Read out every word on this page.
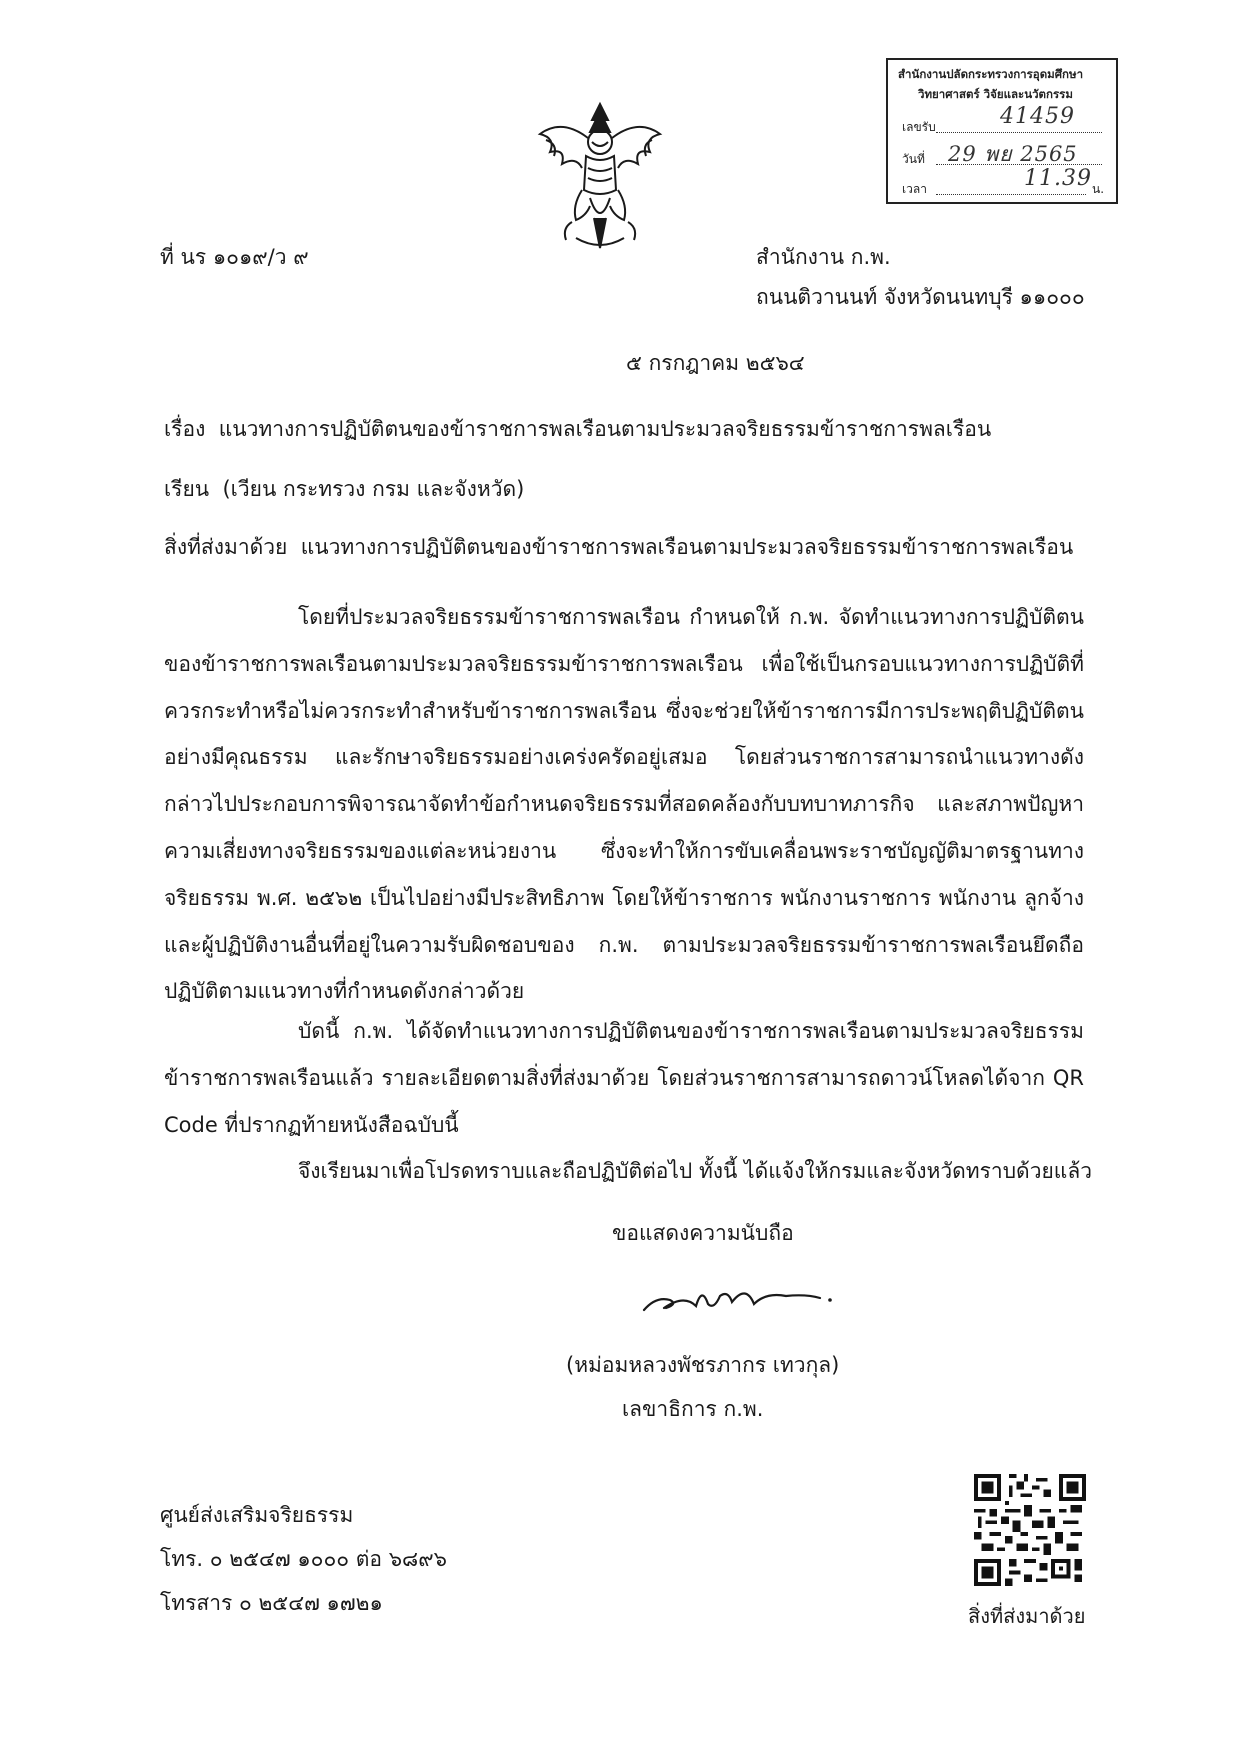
สำนักงานปลัดกระทรวงการอุดมศึกษา
วิทยาศาสตร์ วิจัยและนวัตกรรม
เลขรับ	41459
วันที่ 29 พย 2565
เวลา	11.39 น.
ที่ นร ๑๐๑๙/ว ๙	สำนักงาน ก.พ.
ถนนติวานนท์ จังหวัดนนทบุรี ๑๑๐๐๐
๕ กรกฎาคม ๒๕๖๔
เรื่อง แนวทางการปฏิบัติตนของข้าราชการพลเรือนตามประมวลจริยธรรมข้าราชการพลเรือน
เรียน (เวียน กระทรวง กรม และจังหวัด)
สิ่งที่ส่งมาด้วย แนวทางการปฏิบัติตนของข้าราชการพลเรือนตามประมวลจริยธรรมข้าราชการพลเรือน
โดยที่ประมวลจริยธรรมข้าราชการพลเรือน กำหนดให้ ก.พ. จัดทำแนวทางการปฏิบัติตนของข้าราชการพลเรือนตามประมวลจริยธรรมข้าราชการพลเรือน เพื่อใช้เป็นกรอบแนวทางการปฏิบัติที่ควรกระทำหรือไม่ควรกระทำสำหรับข้าราชการพลเรือน ซึ่งจะช่วยให้ข้าราชการมีการประพฤติปฏิบัติตนอย่างมีคุณธรรม และรักษาจริยธรรมอย่างเคร่งครัดอยู่เสมอ โดยส่วนราชการสามารถนำแนวทางดังกล่าวไปประกอบการพิจารณาจัดทำข้อกำหนดจริยธรรมที่สอดคล้องกับบทบาทภารกิจ และสภาพปัญหาความเสี่ยงทางจริยธรรมของแต่ละหน่วยงาน ซึ่งจะทำให้การขับเคลื่อนพระราชบัญญัติมาตรฐานทางจริยธรรม พ.ศ. ๒๕๖๒ เป็นไปอย่างมีประสิทธิภาพ โดยให้ข้าราชการ พนักงานราชการ พนักงาน ลูกจ้าง และผู้ปฏิบัติงานอื่นที่อยู่ในความรับผิดชอบของ ก.พ. ตามประมวลจริยธรรมข้าราชการพลเรือนยึดถือปฏิบัติตามแนวทางที่กำหนดดังกล่าวด้วย
บัดนี้ ก.พ. ได้จัดทำแนวทางการปฏิบัติตนของข้าราชการพลเรือนตามประมวลจริยธรรมข้าราชการพลเรือนแล้ว รายละเอียดตามสิ่งที่ส่งมาด้วย โดยส่วนราชการสามารถดาวน์โหลดได้จาก QR Code ที่ปรากฏท้ายหนังสือฉบับนี้
จึงเรียนมาเพื่อโปรดทราบและถือปฏิบัติต่อไป ทั้งนี้ ได้แจ้งให้กรมและจังหวัดทราบด้วยแล้ว
ขอแสดงความนับถือ
(หม่อมหลวงพัชรภากร เทวกุล)
เลขาธิการ ก.พ.
ศูนย์ส่งเสริมจริยธรรม
โทร. ๐ ๒๕๔๗ ๑๐๐๐ ต่อ ๖๘๙๖
โทรสาร ๐ ๒๕๔๗ ๑๗๒๑
สิ่งที่ส่งมาด้วย
